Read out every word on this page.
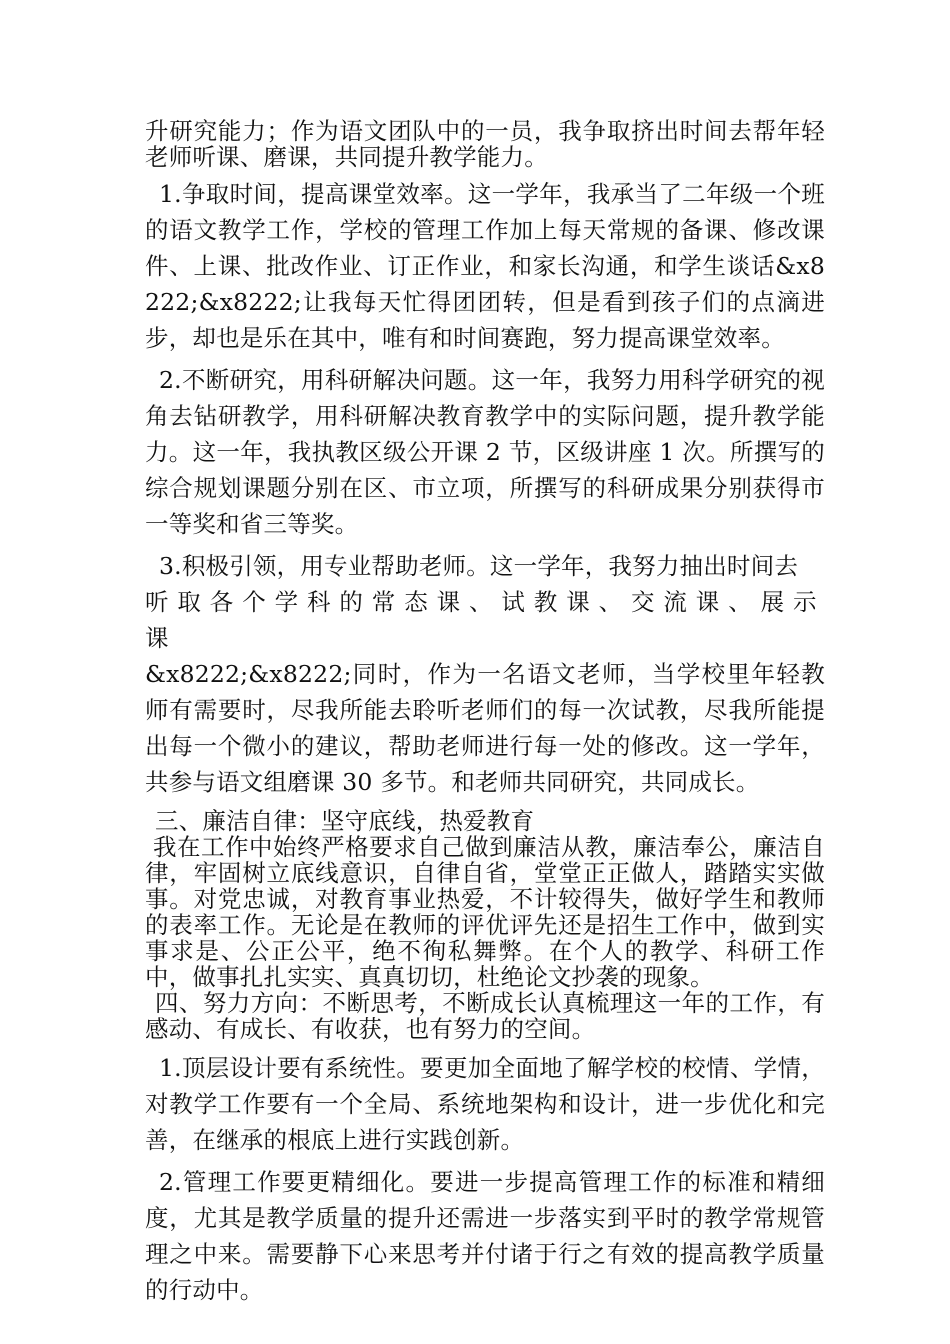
升研究能力；作为语文团队中的一员，我争取挤出时间去帮年轻老师听课、磨课，共同提升教学能力。

1.争取时间，提高课堂效率。这一学年，我承当了二年级一个班的语文教学工作，学校的管理工作加上每天常规的备课、修改课件、上课、批改作业、订正作业，和家长沟通，和学生谈话&x8222;&x8222;让我每天忙得团团转，但是看到孩子们的点滴进步，却也是乐在其中，唯有和时间赛跑，努力提高课堂效率。

2.不断研究，用科研解决问题。这一年，我努力用科学研究的视角去钻研教学，用科研解决教育教学中的实际问题，提升教学能力。这一年，我执教区级公开课 2 节，区级讲座 1 次。所撰写的综合规划课题分别在区、市立项，所撰写的科研成果分别获得市一等奖和省三等奖。

3.积极引领，用专业帮助老师。这一学年，我努力抽出时间去

听取各个学科的常态课、试教课、交流课、展示课

&x8222;&x8222;同时，作为一名语文老师，当学校里年轻教师有需要时，尽我所能去聆听老师们的每一次试教，尽我所能提出每一个微小的建议，帮助老师进行每一处的修改。这一学年，共参与语文组磨课 30 多节。和老师共同研究，共同成长。

三、廉洁自律：坚守底线，热爱教育

我在工作中始终严格要求自己做到廉洁从教，廉洁奉公，廉洁自律，牢固树立底线意识，自律自省，堂堂正正做人，踏踏实实做事。对党忠诚，对教育事业热爱，不计较得失，做好学生和教师的表率工作。无论是在教师的评优评先还是招生工作中，做到实事求是、公正公平，绝不徇私舞弊。在个人的教学、科研工作中，做事扎扎实实、真真切切，杜绝论文抄袭的现象。

四、努力方向：不断思考，不断成长认真梳理这一年的工作，有感动、有成长、有收获，也有努力的空间。

1.顶层设计要有系统性。要更加全面地了解学校的校情、学情，对教学工作要有一个全局、系统地架构和设计，进一步优化和完善，在继承的根底上进行实践创新。

2.管理工作要更精细化。要进一步提高管理工作的标准和精细度，尤其是教学质量的提升还需进一步落实到平时的教学常规管理之中来。需要静下心来思考并付诸于行之有效的提高教学质量的行动中。
